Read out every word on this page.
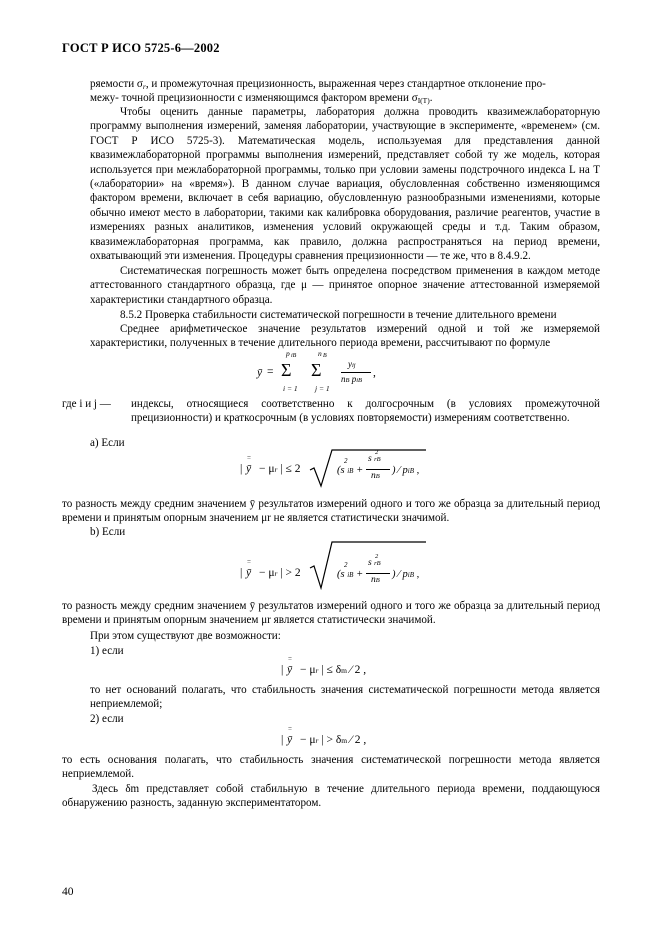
ГОСТ Р ИСО 5725-6—2002
ряемости σr, и промежуточная прецизионность, выраженная через стандартное отклонение про-
межу- точной прецизионности с изменяющимся фактором времени σI(T).

Чтобы оценить данные параметры, лаборатория должна проводить квазимежлабораторную программу выполнения измерений, заменяя лаборатории, участвующие в эксперименте, «временем» (см. ГОСТ Р ИСО 5725-3). Математическая модель, используемая для представления данной квазимежлабораторной программы выполнения измерений, представляет собой ту же модель, которая используется при межлабораторной программы, только при условии замены подстрочного индекса L на T («лаборатории» на «время»). В данном случае вариация, обусловленная собственно изменяющимся фактором времени, включает в себя вариацию, обусловленную разнообразными изменениями, которые обычно имеют место в лаборатории, такими как калибровка оборудования, различие реагентов, участие в измерениях разных аналитиков, изменения условий окружающей среды и т.д. Таким образом, квазимежлабораторная программа, как правило, должна распространяться на период времени, охватывающий эти изменения. Процедуры сравнения прецизионности — те же, что в 8.4.9.2.

Систематическая погрешность может быть определена посредством применения в каждом методе аттестованного стандартного образца, где μ — принятое опорное значение аттестованной измеряемой характеристики стандартного образца.

8.5.2 Проверка стабильности систематической погрешности в течение длительного времени

Среднее арифметическое значение результатов измерений одной и той же измеряемой характеристики, полученных в течение длительного периода времени, рассчитывают по формуле

p iB	n B
ȳ = Σ Σ
i = 1 j = 1
yij
nB piB
,
где i и j — индексы, относящиеся соответственно к долгосрочным (в условиях промежуточной прецизионности) и краткосрочным (в условиях повторяемости) измерениям соответственно.

a) Если
| ȳ
=
− μr | ≤ 2	(s iB +
2 s rB
2
nB
) ⁄ piB ,

то разность между средним значением ȳ результатов измерений одного и того же образца за длительный период времени и принятым опорным значением μr не является статистически значимой.

b) Если
| ȳ
=
− μr | > 2	(s iB +
2 s rB
2
nB
) ⁄ piB ,

то разность между средним значением ȳ результатов измерений одного и того же образца за длительный период времени и принятым опорным значением μr является статистически значимой.

При этом существуют две возможности:
1) если
| ȳ
=
− μr | ≤ δm ⁄ 2 ,

то нет оснований полагать, что стабильность значения систематической погрешности метода является неприемлемой;

2) если
| ȳ
=
− μr | > δm ⁄ 2 ,

то есть основания полагать, что стабильность значения систематической погрешности метода является неприемлемой.

Здесь δm представляет собой стабильную в течение длительного периода времени, поддающуюся обнаружению разность, заданную экспериментатором.

40
